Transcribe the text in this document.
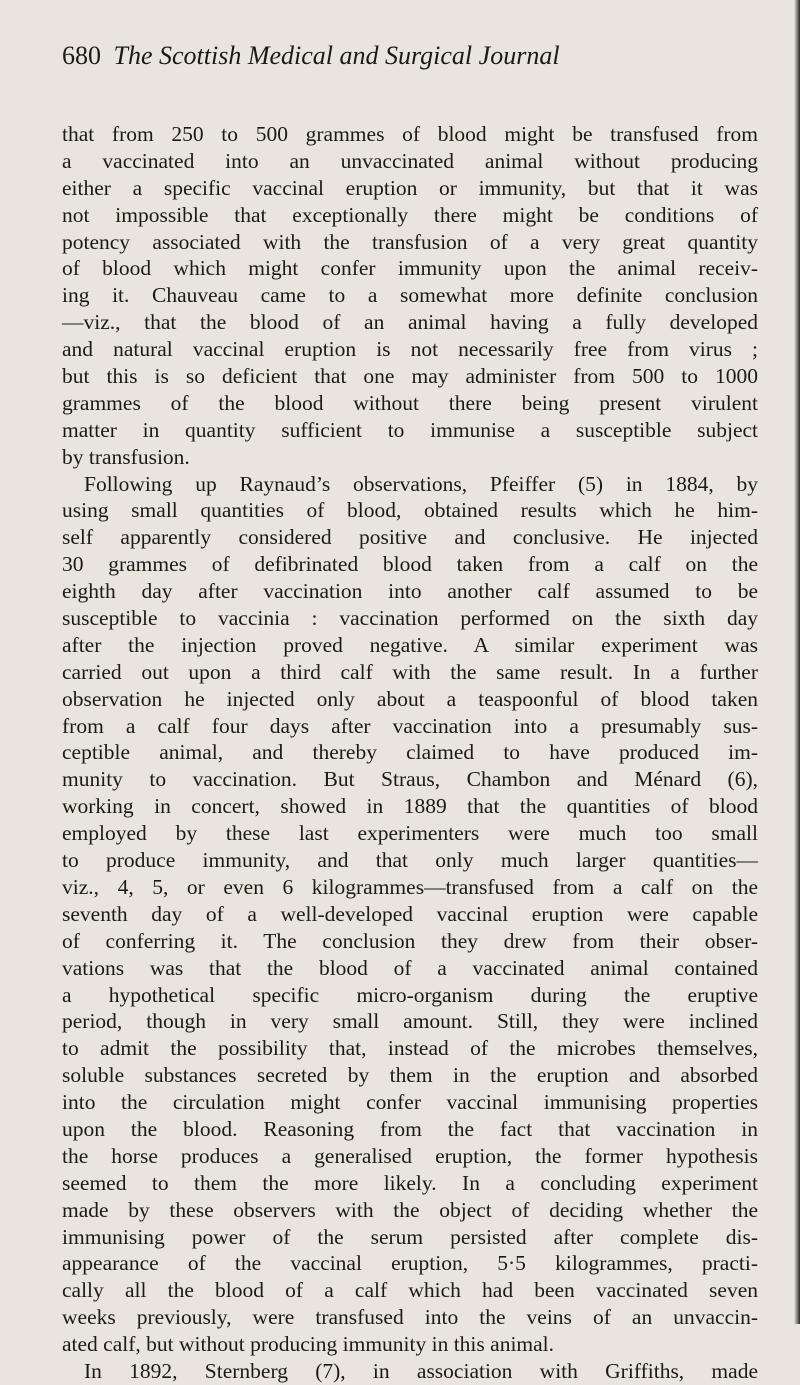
680 The Scottish Medical and Surgical Journal
that from 250 to 500 grammes of blood might be transfused from
a vaccinated into an unvaccinated animal without producing
either a specific vaccinal eruption or immunity, but that it was
not impossible that exceptionally there might be conditions of
potency associated with the transfusion of a very great quantity
of blood which might confer immunity upon the animal receiv-
ing it. Chauveau came to a somewhat more definite conclusion
—viz., that the blood of an animal having a fully developed
and natural vaccinal eruption is not necessarily free from virus ;
but this is so deficient that one may administer from 500 to 1000
grammes of the blood without there being present virulent
matter in quantity sufficient to immunise a susceptible subject
by transfusion.
Following up Raynaud’s observations, Pfeiffer (5) in 1884, by
using small quantities of blood, obtained results which he him-
self apparently considered positive and conclusive. He injected
30 grammes of defibrinated blood taken from a calf on the
eighth day after vaccination into another calf assumed to be
susceptible to vaccinia : vaccination performed on the sixth day
after the injection proved negative. A similar experiment was
carried out upon a third calf with the same result. In a further
observation he injected only about a teaspoonful of blood taken
from a calf four days after vaccination into a presumably sus-
ceptible animal, and thereby claimed to have produced im-
munity to vaccination. But Straus, Chambon and Ménard (6),
working in concert, showed in 1889 that the quantities of blood
employed by these last experimenters were much too small
to produce immunity, and that only much larger quantities—
viz., 4, 5, or even 6 kilogrammes—transfused from a calf on the
seventh day of a well-developed vaccinal eruption were capable
of conferring it. The conclusion they drew from their obser-
vations was that the blood of a vaccinated animal contained
a hypothetical specific micro-organism during the eruptive
period, though in very small amount. Still, they were inclined
to admit the possibility that, instead of the microbes themselves,
soluble substances secreted by them in the eruption and absorbed
into the circulation might confer vaccinal immunising properties
upon the blood. Reasoning from the fact that vaccination in
the horse produces a generalised eruption, the former hypothesis
seemed to them the more likely. In a concluding experiment
made by these observers with the object of deciding whether the
immunising power of the serum persisted after complete dis-
appearance of the vaccinal eruption, 5·5 kilogrammes, practi-
cally all the blood of a calf which had been vaccinated seven
weeks previously, were transfused into the veins of an unvaccin-
ated calf, but without producing immunity in this animal.
In 1892, Sternberg (7), in association with Griffiths, made
